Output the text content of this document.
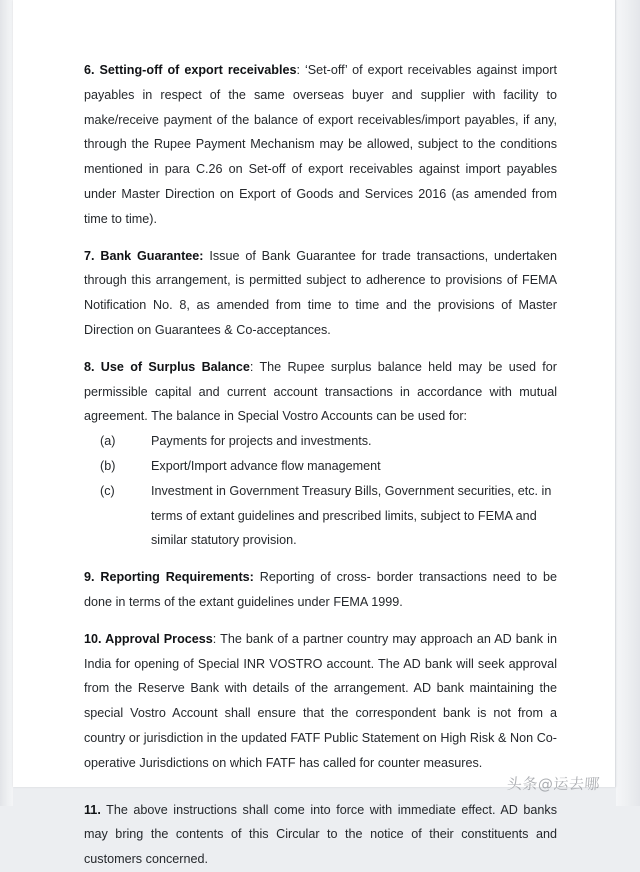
6. Setting-off of export receivables: ‘Set-off’ of export receivables against import payables in respect of the same overseas buyer and supplier with facility to make/receive payment of the balance of export receivables/import payables, if any, through the Rupee Payment Mechanism may be allowed, subject to the conditions mentioned in para C.26 on Set-off of export receivables against import payables under Master Direction on Export of Goods and Services 2016 (as amended from time to time).

7. Bank Guarantee: Issue of Bank Guarantee for trade transactions, undertaken through this arrangement, is permitted subject to adherence to provisions of FEMA Notification No. 8, as amended from time to time and the provisions of Master Direction on Guarantees & Co-acceptances.

8. Use of Surplus Balance: The Rupee surplus balance held may be used for permissible capital and current account transactions in accordance with mutual agreement. The balance in Special Vostro Accounts can be used for:

(a)	Payments for projects and investments.
(b)	Export/Import advance flow management
(c)	Investment in Government Treasury Bills, Government securities, etc. in terms of extant guidelines and prescribed limits, subject to FEMA and similar statutory provision.

9. Reporting Requirements: Reporting of cross- border transactions need to be done in terms of the extant guidelines under FEMA 1999.

10. Approval Process: The bank of a partner country may approach an AD bank in India for opening of Special INR VOSTRO account. The AD bank will seek approval from the Reserve Bank with details of the arrangement. AD bank maintaining the special Vostro Account shall ensure that the correspondent bank is not from a country or jurisdiction in the updated FATF Public Statement on High Risk & Non Co-operative Jurisdictions on which FATF has called for counter measures.

11. The above instructions shall come into force with immediate effect. AD banks may bring the contents of this Circular to the notice of their constituents and customers concerned.

头条@运去哪
